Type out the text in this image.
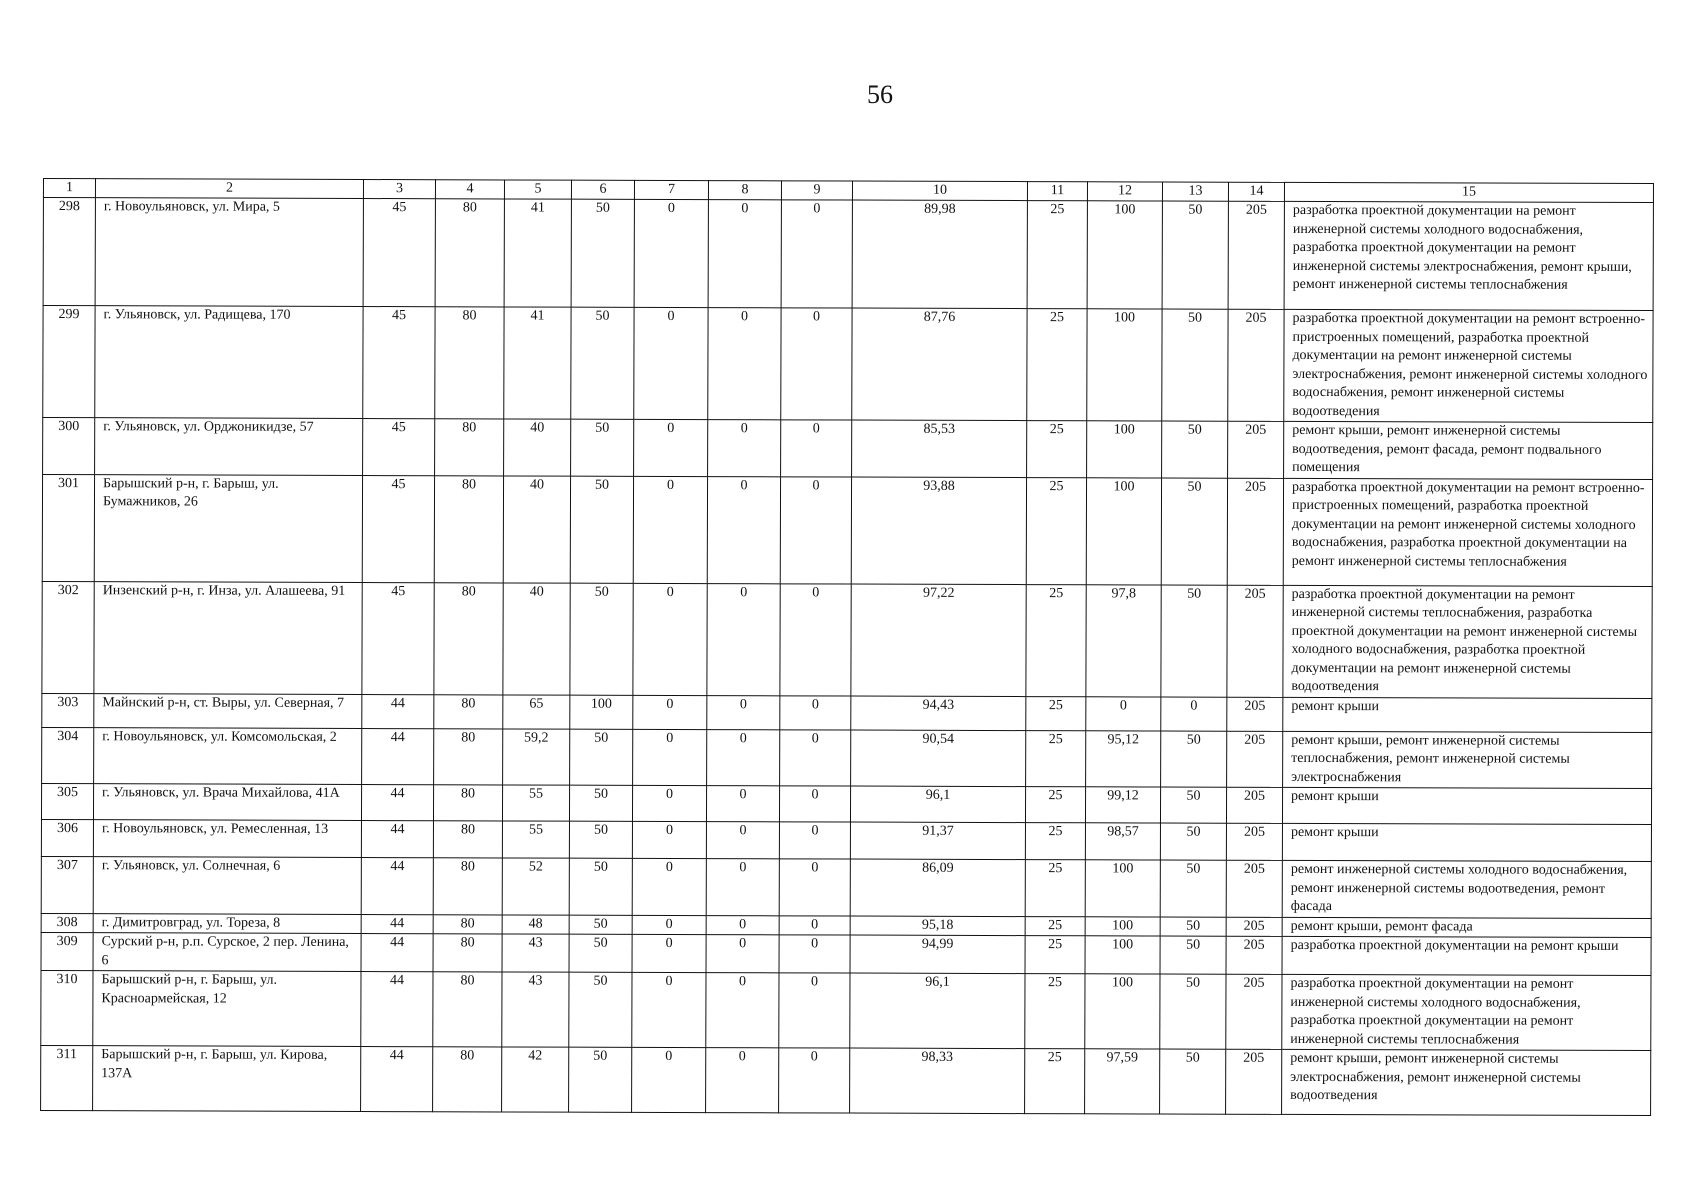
56
1	2	3	4	5	6	7	8	9	10	11	12	13	14	15
298	г. Новоульяновск, ул. Мира, 5	45	80	41	50	0	0	0	89,98	25	100	50	205	разработка проектной документации на ремонт инженерной системы холодного водоснабжения, разработка проектной документации на ремонт инженерной системы электроснабжения, ремонт крыши, ремонт инженерной системы теплоснабжения
299	г. Ульяновск, ул. Радищева, 170	45	80	41	50	0	0	0	87,76	25	100	50	205	разработка проектной документации на ремонт встроенно-пристроенных помещений, разработка проектной документации на ремонт инженерной системы электроснабжения, ремонт инженерной системы холодного водоснабжения, ремонт инженерной системы водоотведения
300	г. Ульяновск, ул. Орджоникидзе, 57	45	80	40	50	0	0	0	85,53	25	100	50	205	ремонт крыши, ремонт инженерной системы водоотведения, ремонт фасада, ремонт подвального помещения
301	Барышский р-н, г. Барыш, ул. Бумажников, 26	45	80	40	50	0	0	0	93,88	25	100	50	205	разработка проектной документации на ремонт встроенно-пристроенных помещений, разработка проектной документации на ремонт инженерной системы холодного водоснабжения, разработка проектной документации на ремонт инженерной системы теплоснабжения
302	Инзенский р-н, г. Инза, ул. Алашеева, 91	45	80	40	50	0	0	0	97,22	25	97,8	50	205	разработка проектной документации на ремонт инженерной системы теплоснабжения, разработка проектной документации на ремонт инженерной системы холодного водоснабжения, разработка проектной документации на ремонт инженерной системы водоотведения
303	Майнский р-н, ст. Выры, ул. Северная, 7	44	80	65	100	0	0	0	94,43	25	0	0	205	ремонт крыши
304	г. Новоульяновск, ул. Комсомольская, 2	44	80	59,2	50	0	0	0	90,54	25	95,12	50	205	ремонт крыши, ремонт инженерной системы теплоснабжения, ремонт инженерной системы электроснабжения
305	г. Ульяновск, ул. Врача Михайлова, 41А	44	80	55	50	0	0	0	96,1	25	99,12	50	205	ремонт крыши
306	г. Новоульяновск, ул. Ремесленная, 13	44	80	55	50	0	0	0	91,37	25	98,57	50	205	ремонт крыши
307	г. Ульяновск, ул. Солнечная, 6	44	80	52	50	0	0	0	86,09	25	100	50	205	ремонт инженерной системы холодного водоснабжения, ремонт инженерной системы водоотведения, ремонт фасада
308	г. Димитровград, ул. Тореза, 8	44	80	48	50	0	0	0	95,18	25	100	50	205	ремонт крыши, ремонт фасада
309	Сурский р-н, р.п. Сурское, 2 пер. Ленина, 6	44	80	43	50	0	0	0	94,99	25	100	50	205	разработка проектной документации на ремонт крыши
310	Барышский р-н, г. Барыш, ул. Красноармейская, 12	44	80	43	50	0	0	0	96,1	25	100	50	205	разработка проектной документации на ремонт инженерной системы холодного водоснабжения, разработка проектной документации на ремонт инженерной системы теплоснабжения
311	Барышский р-н, г. Барыш, ул. Кирова, 137А	44	80	42	50	0	0	0	98,33	25	97,59	50	205	ремонт крыши, ремонт инженерной системы электроснабжения, ремонт инженерной системы водоотведения
